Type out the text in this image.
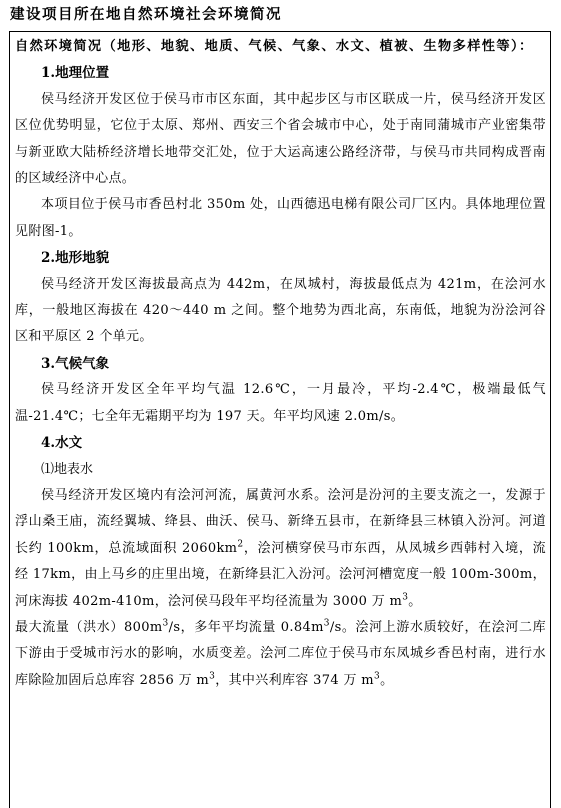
建设项目所在地自然环境社会环境简况

自然环境简况（地形、地貌、地质、气候、气象、水文、植被、生物多样性等）：

1.地理位置

侯马经济开发区位于侯马市市区东面，其中起步区与市区联成一片，侯马经济开发区区位优势明显，它位于太原、郑州、西安三个省会城市中心，处于南同蒲城市产业密集带与新亚欧大陆桥经济增长地带交汇处，位于大运高速公路经济带，与侯马市共同构成晋南的区域经济中心点。

本项目位于侯马市香邑村北 350m 处，山西德迅电梯有限公司厂区内。具体地理位置见附图-1。

2.地形地貌

侯马经济开发区海拔最高点为 442m，在凤城村，海拔最低点为 421m，在浍河水库，一般地区海拔在 420～440 m 之间。整个地势为西北高，东南低，地貌为汾浍河谷区和平原区 2 个单元。

3.气候气象

侯马经济开发区全年平均气温 12.6℃，一月最冷，平均-2.4℃，极端最低气温-21.4℃；七全年无霜期平均为 197 天。年平均风速 2.0m/s。

4.水文

⑴地表水

侯马经济开发区境内有浍河河流，属黄河水系。浍河是汾河的主要支流之一，发源于浮山桑王庙，流经翼城、绛县、曲沃、侯马、新绛五县市，在新绛县三林镇入汾河。河道长约 100km，总流域面积 $2060km^2$，浍河横穿侯马市东西，从凤城乡西韩村入境，流经 17km，由上马乡的庄里出境，在新绛县汇入汾河。浍河河槽宽度一般 100m-300m，河床海拔 402m-410m，浍河侯马段年平均径流量为 3000 万 $m^3$。

最大流量（洪水）$800m^3/s$，多年平均流量 $0.84m^3/s$。浍河上游水质较好，在浍河二库下游由于受城市污水的影响，水质变差。浍河二库位于侯马市东凤城乡香邑村南，进行水库除险加固后总库容 2856 万 $m^3$，其中兴利库容 374 万 $m^3$。
